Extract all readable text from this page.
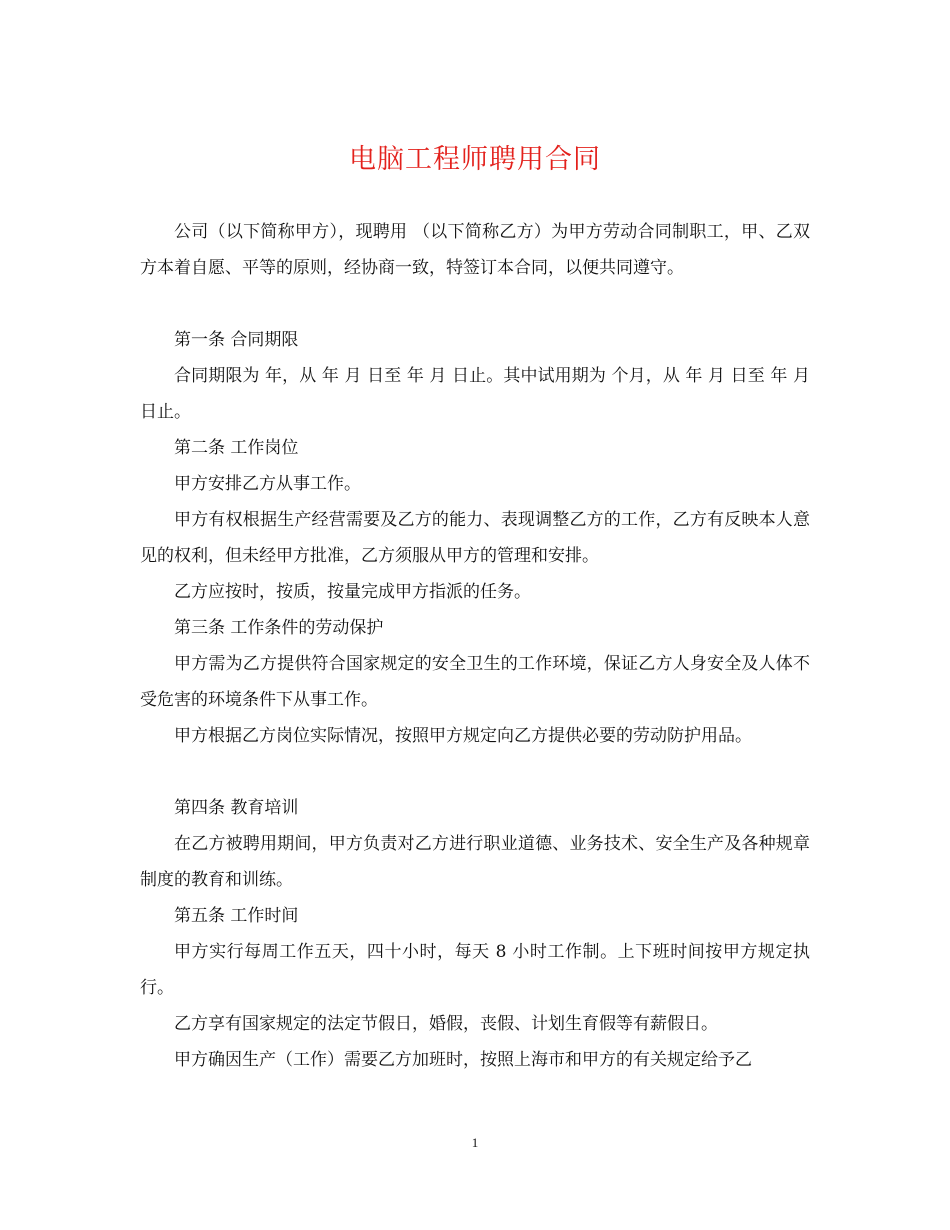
电脑工程师聘用合同

公司（以下简称甲方），现聘用 （以下简称乙方）为甲方劳动合同制职工，甲、乙双方本着自愿、平等的原则，经协商一致，特签订本合同，以便共同遵守。

第一条 合同期限

合同期限为 年，从 年 月 日至 年 月 日止。其中试用期为 个月，从 年 月 日至 年 月 日止。

第二条 工作岗位

甲方安排乙方从事工作。

甲方有权根据生产经营需要及乙方的能力、表现调整乙方的工作，乙方有反映本人意见的权利，但未经甲方批准，乙方须服从甲方的管理和安排。

乙方应按时，按质，按量完成甲方指派的任务。

第三条 工作条件的劳动保护

甲方需为乙方提供符合国家规定的安全卫生的工作环境，保证乙方人身安全及人体不受危害的环境条件下从事工作。

甲方根据乙方岗位实际情况，按照甲方规定向乙方提供必要的劳动防护用品。

第四条 教育培训

在乙方被聘用期间，甲方负责对乙方进行职业道德、业务技术、安全生产及各种规章制度的教育和训练。

第五条 工作时间

甲方实行每周工作五天，四十小时，每天 8 小时工作制。上下班时间按甲方规定执行。

乙方享有国家规定的法定节假日，婚假，丧假、计划生育假等有薪假日。

甲方确因生产（工作）需要乙方加班时，按照上海市和甲方的有关规定给予乙

1
